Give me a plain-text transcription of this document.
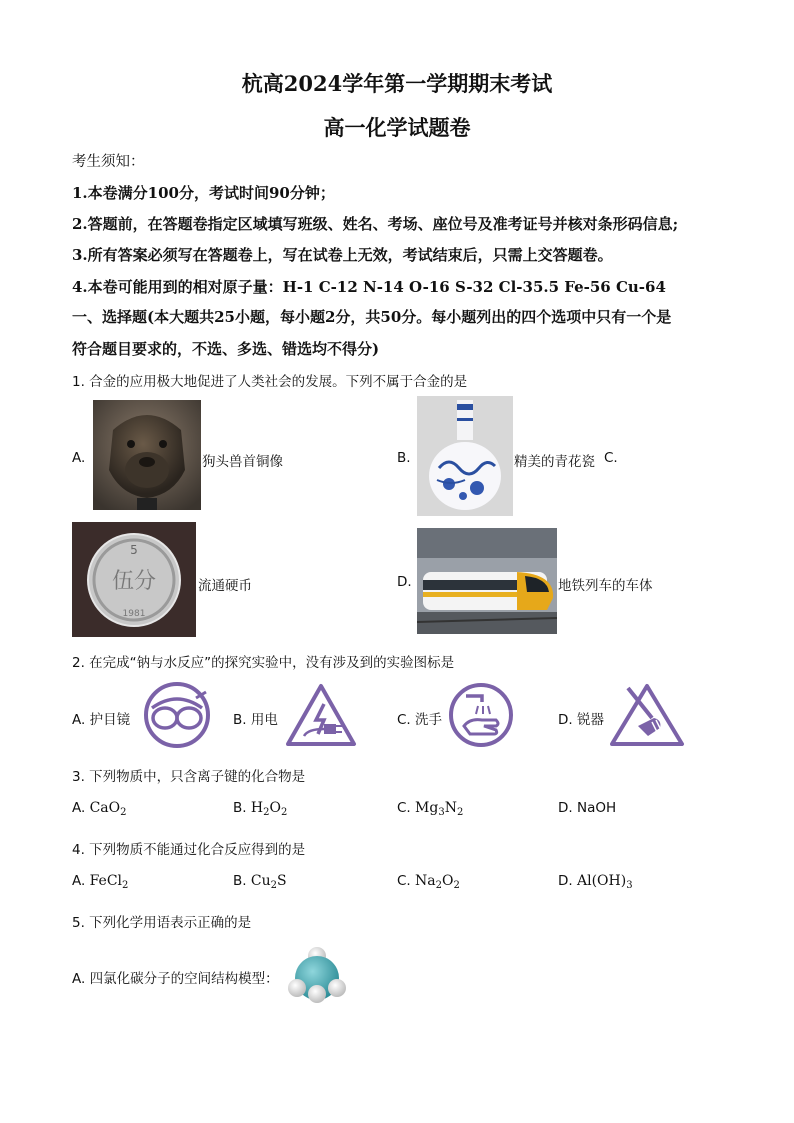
杭高2024学年第一学期期末考试
高一化学试题卷
考生须知：
1.本卷满分100分，考试时间90分钟；
2.答题前，在答题卷指定区域填写班级、姓名、考场、座位号及准考证号并核对条形码信息;
3.所有答案必须写在答题卷上，写在试卷上无效，考试结束后，只需上交答题卷。
4.本卷可能用到的相对原子量：H-1 C-12 N-14 O-16 S-32 Cl-35.5 Fe-56 Cu-64
一、选择题(本大题共25小题，每小题2分，共50分。每小题列出的四个选项中只有一个是
符合题目要求的，不选、多选、错选均不得分)
1. 合金的应用极大地促进了人类社会的发展。下列不属于合金的是
A.	狗头兽首铜像	B.	精美的青花瓷 C.
5
伍分
1981
流通硬币	D.	地铁列车的车体
2. 在完成“钠与水反应”的探究实验中，没有涉及到的实验图标是
A. 护目镜	B. 用电	C. 洗手	D. 锐器
3. 下列物质中，只含离子键的化合物是
A. CaO$_2$	B. $H_2O_2$	C. $Mg_3N_2$	D. NaOH
4. 下列物质不能通过化合反应得到的是
A. FeCl$_2$	B. $Cu_2S$	C. $Na_2O_2$	D. $Al(OH)_3$
5. 下列化学用语表示正确的是
A. 四氯化碳分子的空间结构模型：
